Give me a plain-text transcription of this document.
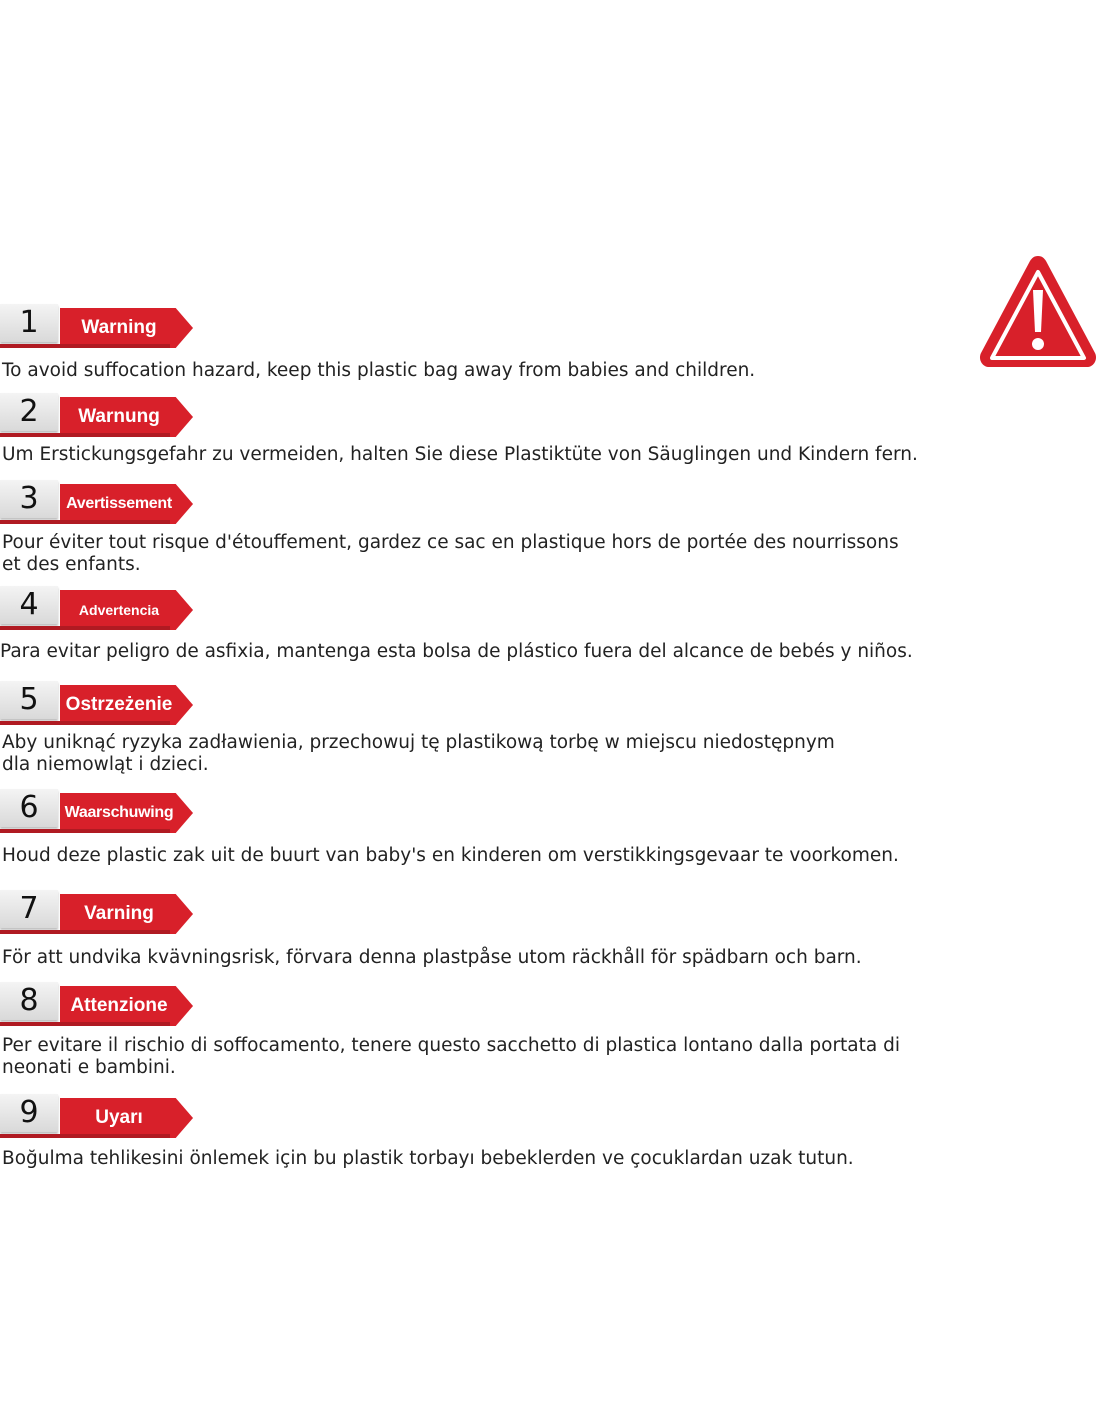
1	Warning
To avoid suffocation hazard, keep this plastic bag away from babies and children.
2	Warnung
Um Erstickungsgefahr zu vermeiden, halten Sie diese Plastiktüte von Säuglingen und Kindern fern.
3	Avertissement
Pour éviter tout risque d'étouffement, gardez ce sac en plastique hors de portée des nourrissons et des enfants.
4	Advertencia
Para evitar peligro de asfixia, mantenga esta bolsa de plástico fuera del alcance de bebés y niños.
5	Ostrzeżenie
Aby uniknąć ryzyka zadławienia, przechowuj tę plastikową torbę w miejscu niedostępnym dla niemowląt i dzieci.
6	Waarschuwing
Houd deze plastic zak uit de buurt van baby's en kinderen om verstikkingsgevaar te voorkomen.
7	Varning
För att undvika kvävningsrisk, förvara denna plastpåse utom räckhåll för spädbarn och barn.
8	Attenzione
Per evitare il rischio di soffocamento, tenere questo sacchetto di plastica lontano dalla portata di neonati e bambini.
9	Uyarı
Boğulma tehlikesini önlemek için bu plastik torbayı bebeklerden ve çocuklardan uzak tutun.
